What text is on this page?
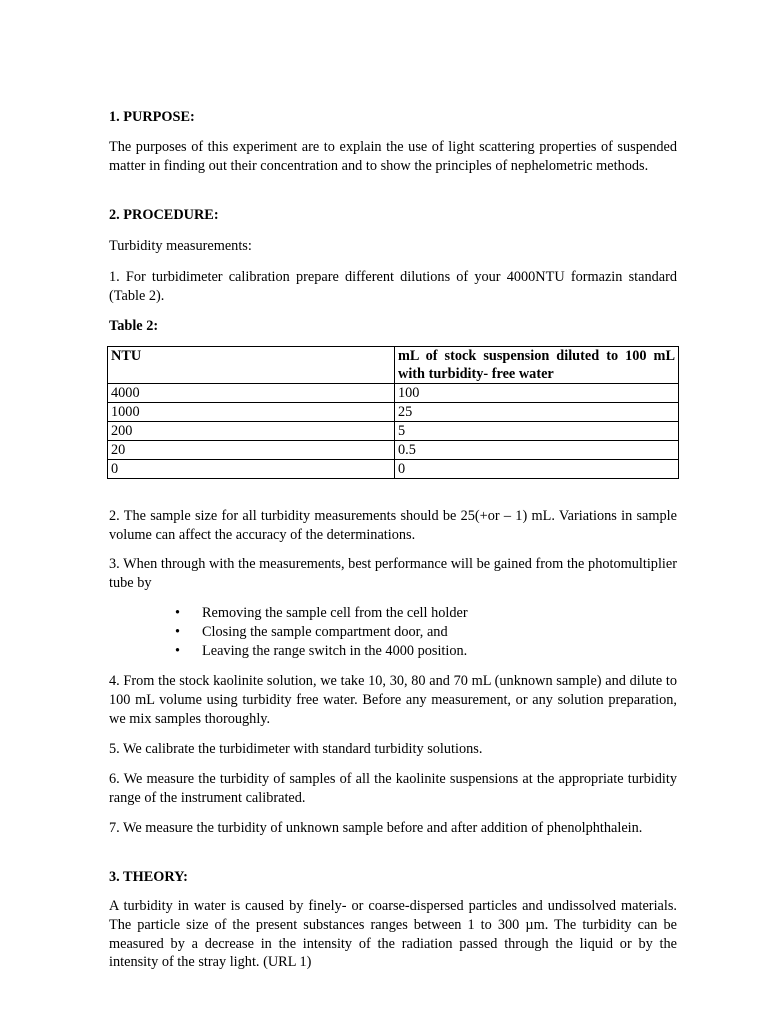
1. PURPOSE:

The purposes of this experiment are to explain the use of light scattering properties of suspended matter in finding out their concentration and to show the principles of nephelometric methods.

2. PROCEDURE:

Turbidity measurements:

1. For turbidimeter calibration prepare different dilutions of your 4000NTU formazin standard (Table 2).

Table 2:

NTU	mL of stock suspension diluted to 100 mL with turbidity- free water
4000	100
1000	25
200	5
20	0.5
0	0

2. The sample size for all turbidity measurements should be 25(+or – 1) mL. Variations in sample volume can affect the accuracy of the determinations.

3. When through with the measurements, best performance will be gained from the photomultiplier tube by

• Removing the sample cell from the cell holder
• Closing the sample compartment door, and
• Leaving the range switch in the 4000 position.

4. From the stock kaolinite solution, we take 10, 30, 80 and 70 mL (unknown sample) and dilute to 100 mL volume using turbidity free water. Before any measurement, or any solution preparation, we mix samples thoroughly.

5. We calibrate the turbidimeter with standard turbidity solutions.

6. We measure the turbidity of samples of all the kaolinite suspensions at the appropriate turbidity range of the instrument calibrated.

7. We measure the turbidity of unknown sample before and after addition of phenolphthalein.

3. THEORY:

A turbidity in water is caused by finely- or coarse-dispersed particles and undissolved materials. The particle size of the present substances ranges between 1 to 300 µm. The turbidity can be measured by a decrease in the intensity of the radiation passed through the liquid or by the intensity of the stray light. (URL 1)
